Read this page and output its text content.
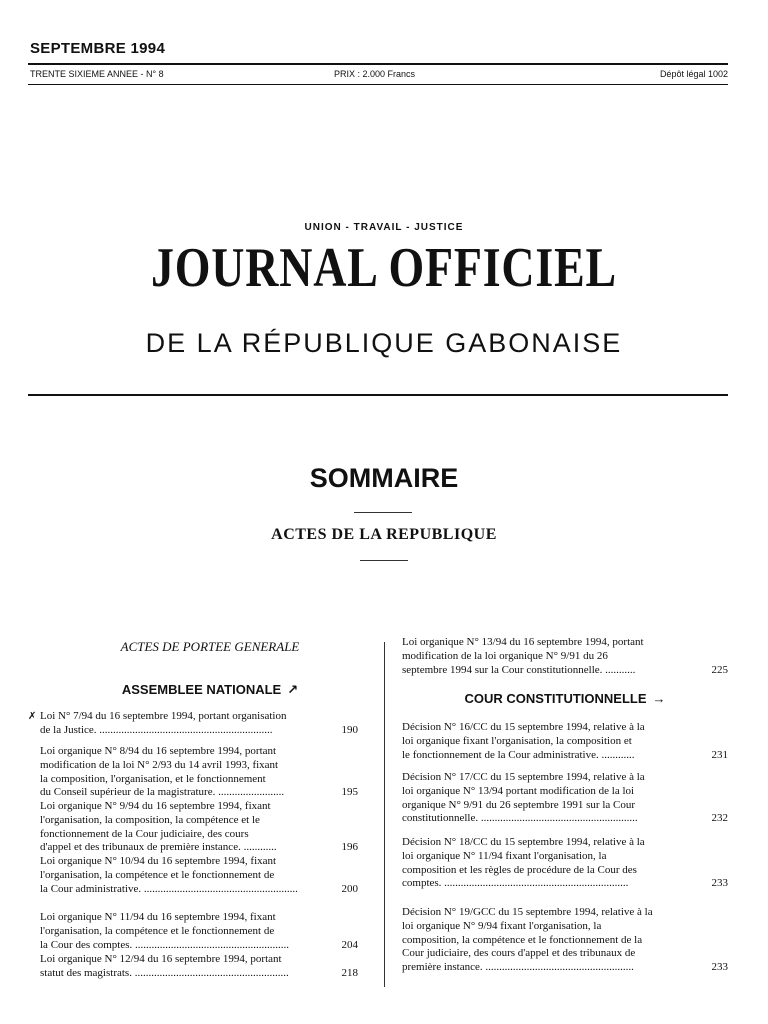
SEPTEMBRE 1994
TRENTE SIXIEME ANNEE - N° 8	PRIX : 2.000 Francs	Dépôt légal 1002
UNION - TRAVAIL - JUSTICE
JOURNAL OFFICIEL
DE LA RÉPUBLIQUE GABONAISE
SOMMAIRE
ACTES DE LA REPUBLIQUE
ACTES DE PORTEE GENERALE
ASSEMBLEE NATIONALE ↗
✗ Loi N° 7/94 du 16 septembre 1994, portant organisation
de la Justice. ...............................................................	190
Loi organique N° 8/94 du 16 septembre 1994, portant
modification de la loi N° 2/93 du 14 avril 1993, fixant
la composition, l'organisation, et le fonctionnement
du Conseil supérieur de la magistrature. ........................	195
Loi organique N° 9/94 du 16 septembre 1994, fixant
l'organisation, la composition, la compétence et le
fonctionnement de la Cour judiciaire, des cours
d'appel et des tribunaux de première instance. ............	196
Loi organique N° 10/94 du 16 septembre 1994, fixant
l'organisation, la compétence et le fonctionnement de
la Cour administrative. ........................................................	200
Loi organique N° 11/94 du 16 septembre 1994, fixant
l'organisation, la compétence et le fonctionnement de
la Cour des comptes. ........................................................	204
Loi organique N° 12/94 du 16 septembre 1994, portant
statut des magistrats. ........................................................	218
Loi organique N° 13/94 du 16 septembre 1994, portant
modification de la loi organique N° 9/91 du 26
septembre 1994 sur la Cour constitutionnelle. ...........	225
COUR CONSTITUTIONNELLE →
Décision N° 16/CC du 15 septembre 1994, relative à la
loi organique fixant l'organisation, la composition et
le fonctionnement de la Cour administrative. ............	231
Décision N° 17/CC du 15 septembre 1994, relative à la
loi organique N° 13/94 portant modification de la loi
organique N° 9/91 du 26 septembre 1991 sur la Cour
constitutionnelle. .........................................................	232
Décision N° 18/CC du 15 septembre 1994, relative à la
loi organique N° 11/94 fixant l'organisation, la
composition et les règles de procédure de la Cour des
comptes. ...................................................................	233
Décision N° 19/GCC du 15 septembre 1994, relative à la
loi organique N° 9/94 fixant l'organisation, la
composition, la compétence et le fonctionnement de la
Cour judiciaire, des cours d'appel et des tribunaux de
première instance. ......................................................	233
